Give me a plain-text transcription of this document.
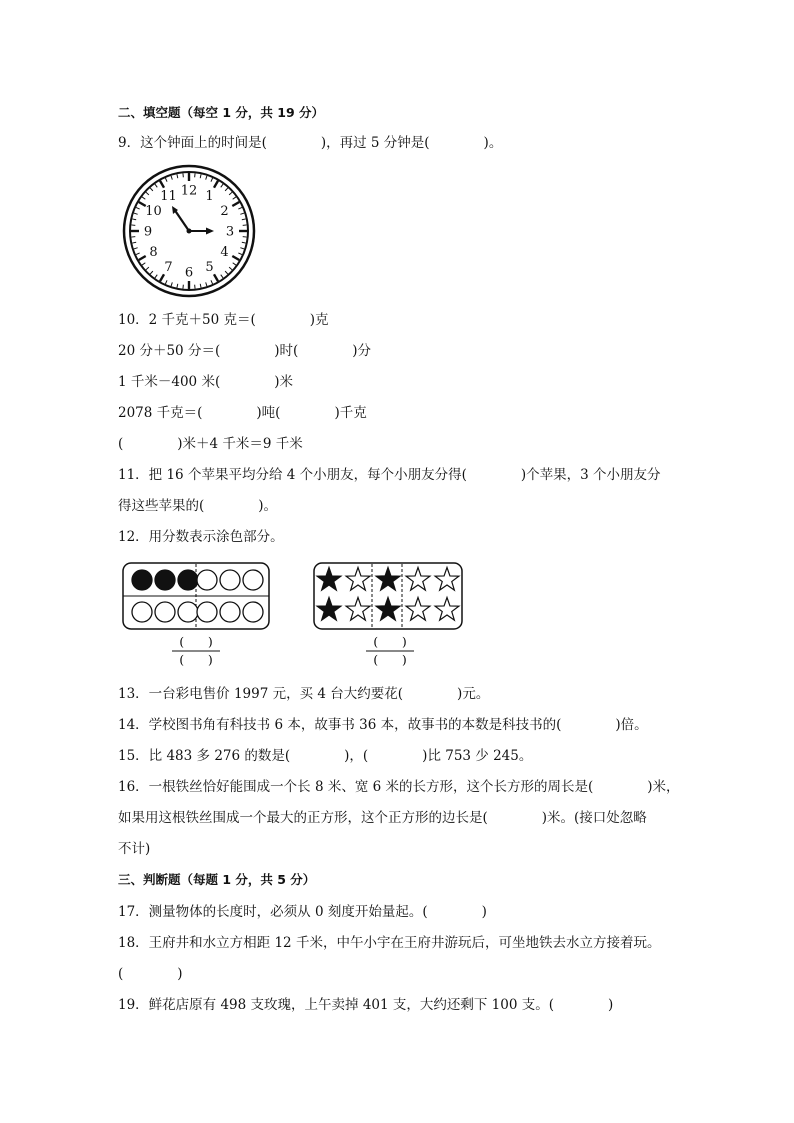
二、填空题（每空 1 分，共 19 分）
9．这个钟面上的时间是(　　　　)，再过 5 分钟是(　　　　)。
12 1
2
3
4
5
6
7
8
9
10
11
10．2 千克＋50 克＝(　　　　)克
20 分＋50 分＝(　　　　)时(　　　　)分
1 千米－400 米(　　　　)米
2078 千克＝(　　　　)吨(　　　　)千克
(　　　　)米＋4 千米＝9 千米
11．把 16 个苹果平均分给 4 个小朋友，每个小朋友分得(　　　　)个苹果，3 个小朋友分
得这些苹果的(　　　　)。
12．用分数表示涂色部分。
(　　)
(　　)
(　　)
(　　)
13．一台彩电售价 1997 元，买 4 台大约要花(　　　　)元。
14．学校图书角有科技书 6 本，故事书 36 本，故事书的本数是科技书的(　　　　)倍。
15．比 483 多 276 的数是(　　　　)，(　　　　)比 753 少 245。
16．一根铁丝恰好能围成一个长 8 米、宽 6 米的长方形，这个长方形的周长是(　　　　)米，
如果用这根铁丝围成一个最大的正方形，这个正方形的边长是(　　　　)米。(接口处忽略
不计)
三、判断题（每题 1 分，共 5 分）
17．测量物体的长度时，必须从 0 刻度开始量起。(　　　　)
18．王府井和水立方相距 12 千米，中午小宇在王府井游玩后，可坐地铁去水立方接着玩。
(　　　　)
19．鲜花店原有 498 支玫瑰，上午卖掉 401 支，大约还剩下 100 支。(　　　　)
